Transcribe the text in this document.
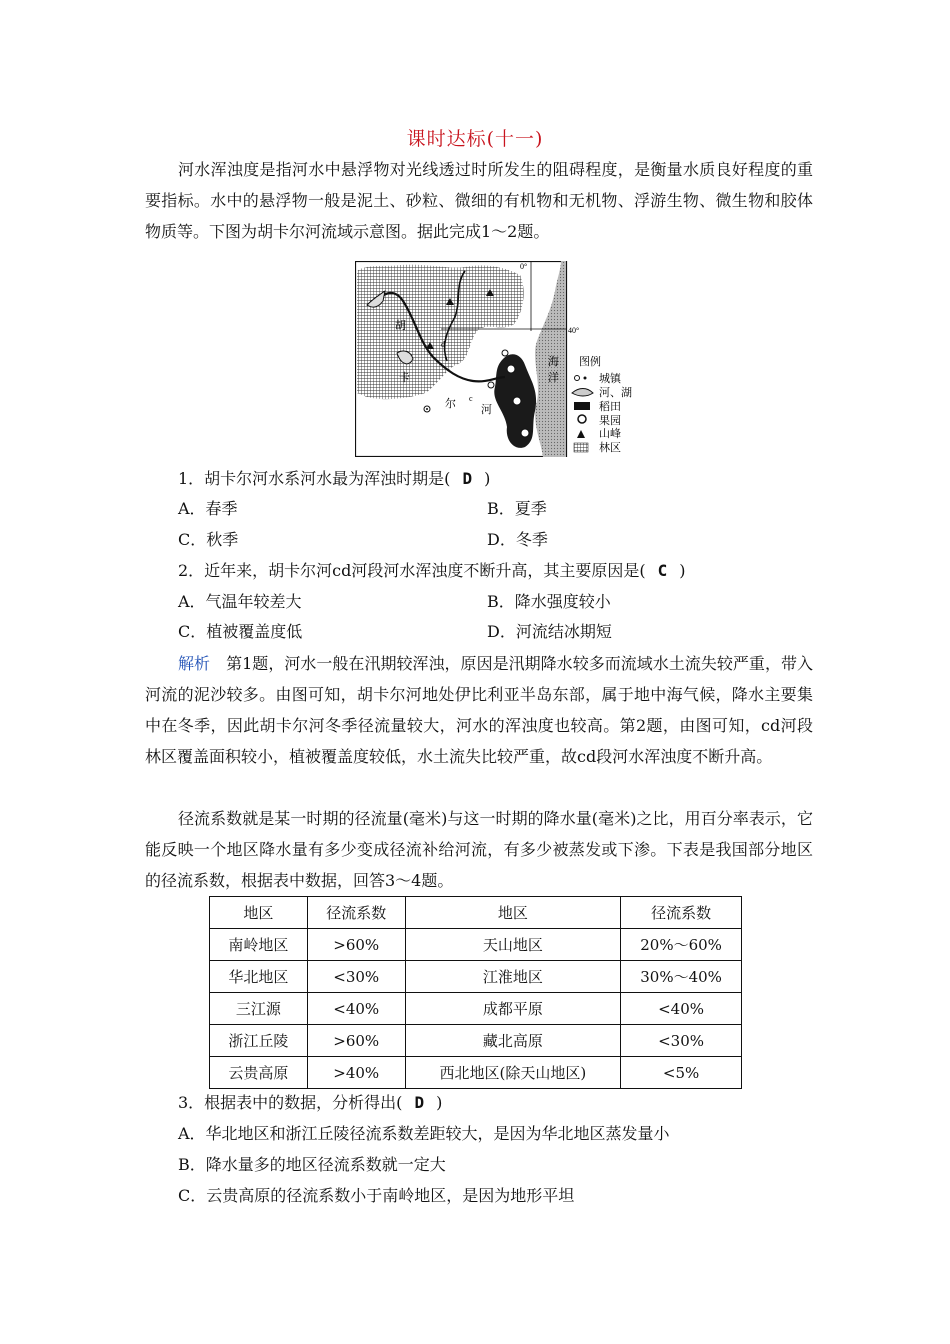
课时达标(十一)
河水浑浊度是指河水中悬浮物对光线透过时所发生的阻碍程度，是衡量水质良好程度的重要指标。水中的悬浮物一般是泥土、砂粒、微细的有机物和无机物、浮游生物、微生物和胶体物质等。下图为胡卡尔河流域示意图。据此完成1～2题。
0°
40°
胡
卡
尔 河
c
d
海
洋
图例
城镇
河、湖
稻田
果园
山峰
林区
1．胡卡尔河水系河水最为浑浊时期是( D )
A．春季	B．夏季
C．秋季	D．冬季
2．近年来，胡卡尔河cd河段河水浑浊度不断升高，其主要原因是( C )
A．气温年较差大	B．降水强度较小
C．植被覆盖度低	D．河流结冰期短
解析　 第1题，河水一般在汛期较浑浊，原因是汛期降水较多而流域水土流失较严重，带入河流的泥沙较多。由图可知，胡卡尔河地处伊比利亚半岛东部，属于地中海气候，降水主要集中在冬季，因此胡卡尔河冬季径流量较大，河水的浑浊度也较高。第2题，由图可知，cd河段林区覆盖面积较小，植被覆盖度较低，水土流失比较严重，故cd段河水浑浊度不断升高。
径流系数就是某一时期的径流量(毫米)与这一时期的降水量(毫米)之比，用百分率表示，它能反映一个地区降水量有多少变成径流补给河流，有多少被蒸发或下渗。下表是我国部分地区的径流系数，根据表中数据，回答3～4题。
地区	径流系数	地区	径流系数
南岭地区	>60%	天山地区	20%～60%
华北地区	<30%	江淮地区	30%～40%
三江源	<40%	成都平原	<40%
浙江丘陵	>60%	藏北高原	<30%
云贵高原	>40%	西北地区(除天山地区)	<5%
3．根据表中的数据，分析得出( D )
A．华北地区和浙江丘陵径流系数差距较大，是因为华北地区蒸发量小
B．降水量多的地区径流系数就一定大
C．云贵高原的径流系数小于南岭地区，是因为地形平坦
